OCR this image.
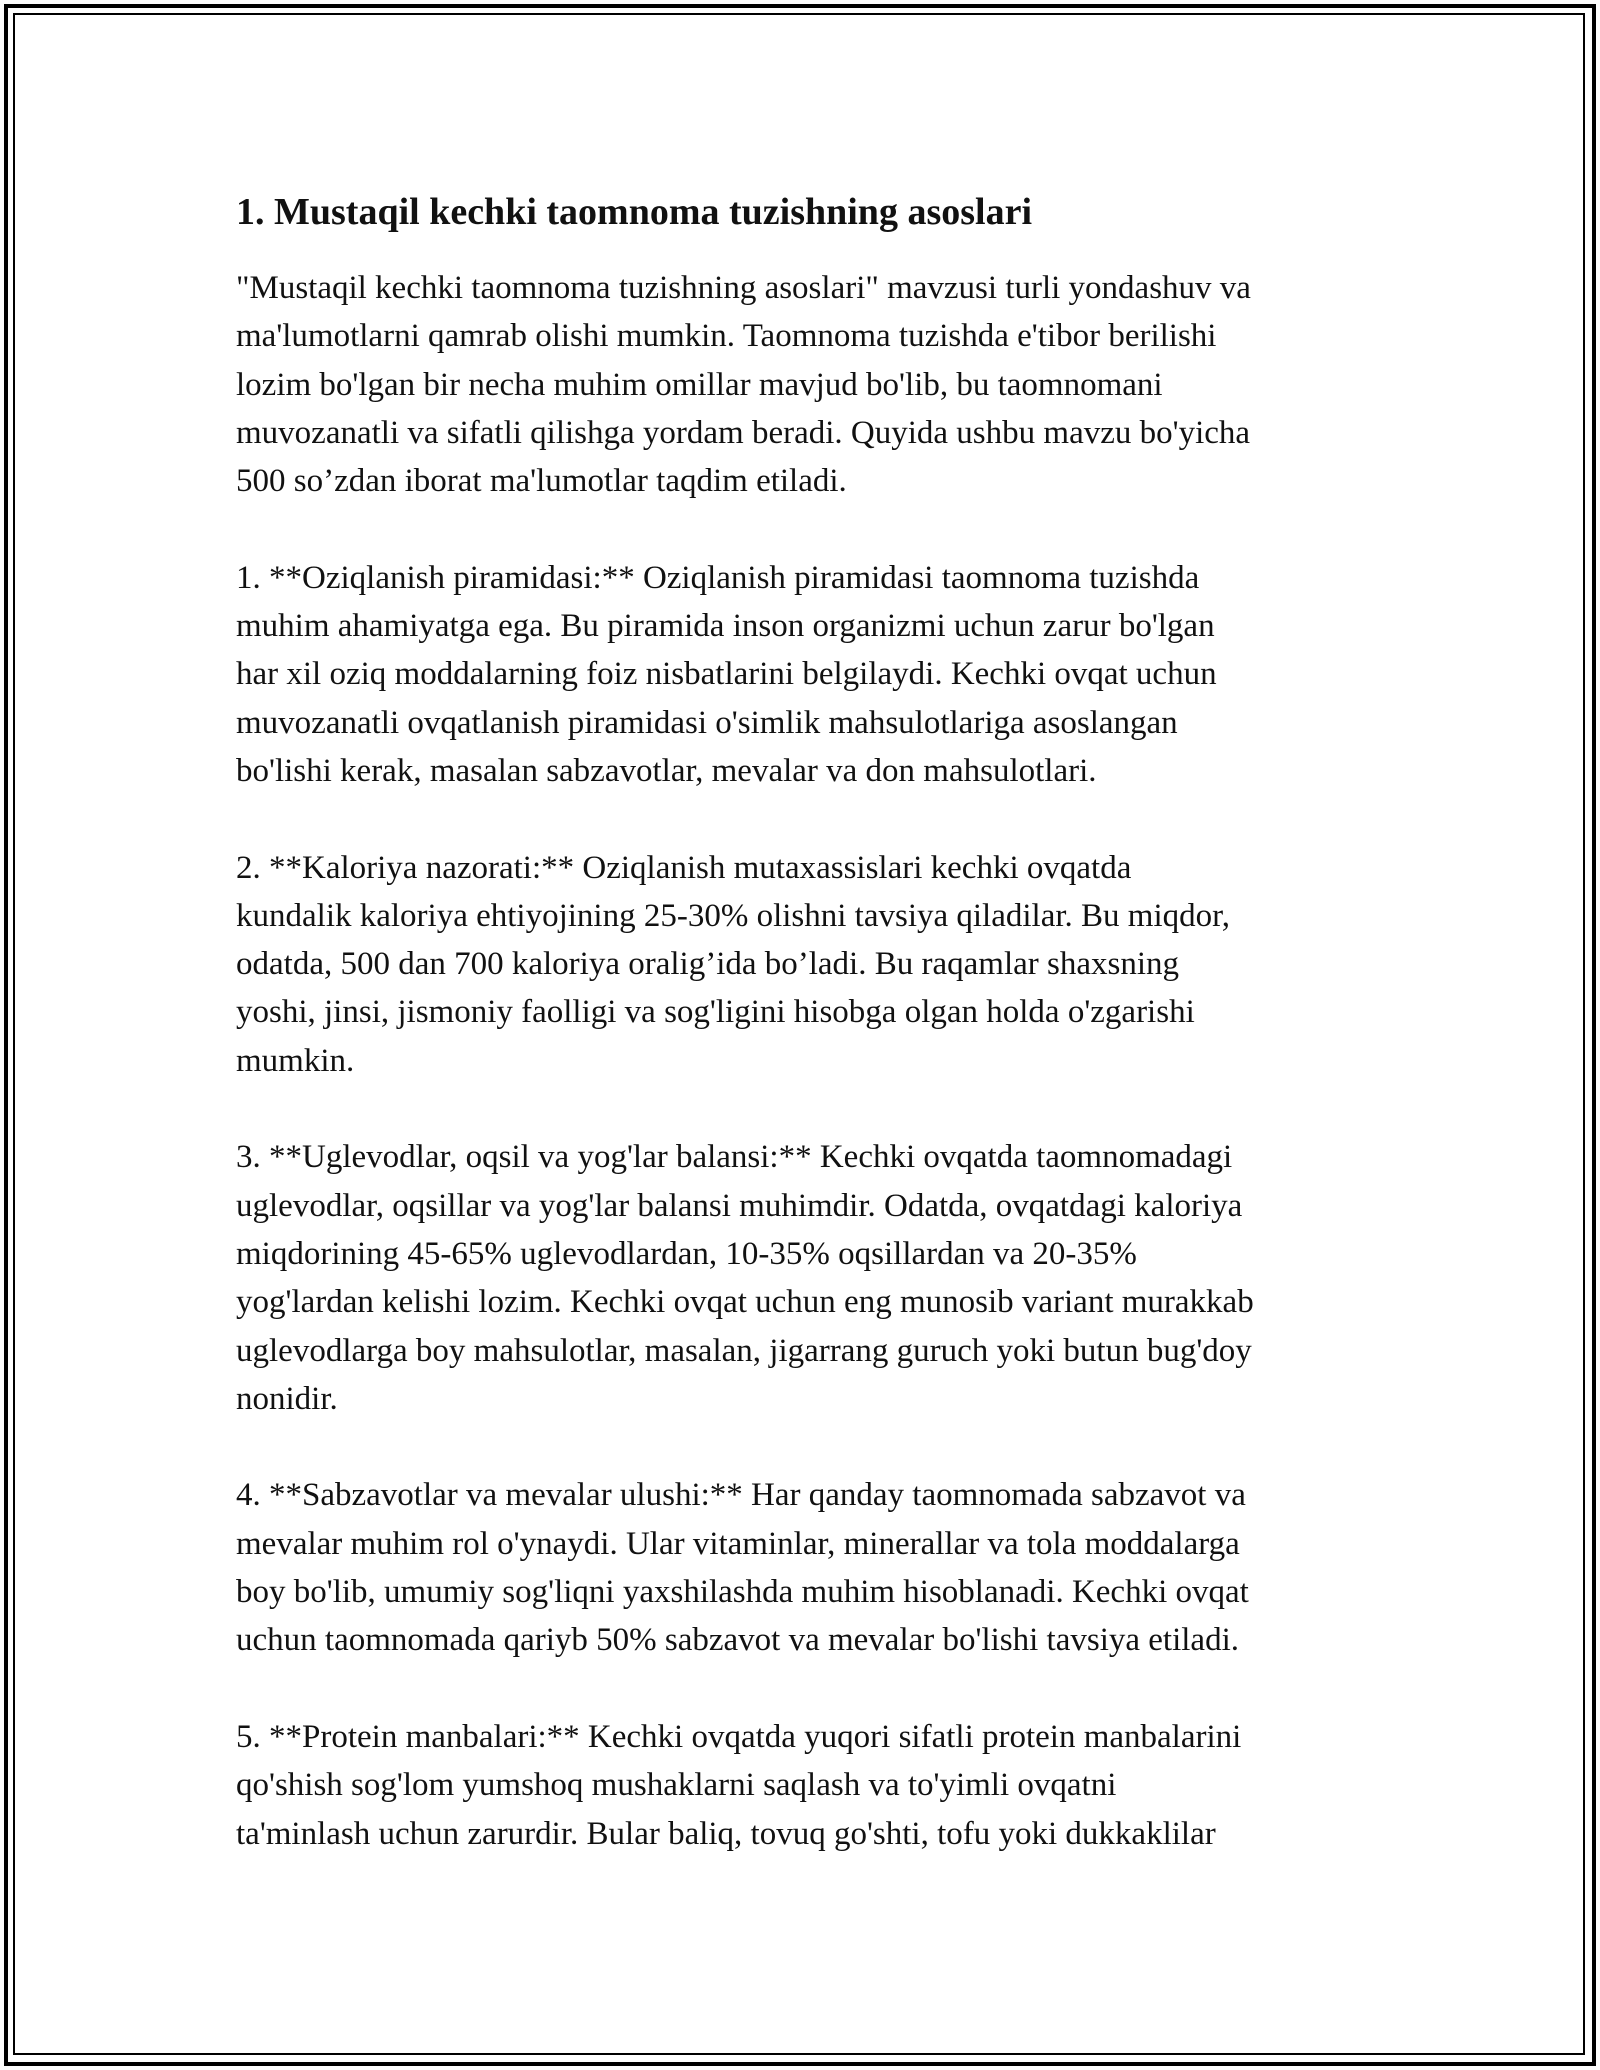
1. Mustaqil kechki taomnoma tuzishning asoslari
"Mustaqil kechki taomnoma tuzishning asoslari" mavzusi turli yondashuv va
ma'lumotlarni qamrab olishi mumkin. Taomnoma tuzishda e'tibor berilishi
lozim bo'lgan bir necha muhim omillar mavjud bo'lib, bu taomnomani
muvozanatli va sifatli qilishga yordam beradi. Quyida ushbu mavzu bo'yicha
500 so’zdan iborat ma'lumotlar taqdim etiladi.
1. **Oziqlanish piramidasi:** Oziqlanish piramidasi taomnoma tuzishda
muhim ahamiyatga ega. Bu piramida inson organizmi uchun zarur bo'lgan
har xil oziq moddalarning foiz nisbatlarini belgilaydi. Kechki ovqat uchun
muvozanatli ovqatlanish piramidasi o'simlik mahsulotlariga asoslangan
bo'lishi kerak, masalan sabzavotlar, mevalar va don mahsulotlari.
2. **Kaloriya nazorati:** Oziqlanish mutaxassislari kechki ovqatda
kundalik kaloriya ehtiyojining 25-30% olishni tavsiya qiladilar. Bu miqdor,
odatda, 500 dan 700 kaloriya oralig’ida bo’ladi. Bu raqamlar shaxsning
yoshi, jinsi, jismoniy faolligi va sog'ligini hisobga olgan holda o'zgarishi
mumkin.
3. **Uglevodlar, oqsil va yog'lar balansi:** Kechki ovqatda taomnomadagi
uglevodlar, oqsillar va yog'lar balansi muhimdir. Odatda, ovqatdagi kaloriya
miqdorining 45-65% uglevodlardan, 10-35% oqsillardan va 20-35%
yog'lardan kelishi lozim. Kechki ovqat uchun eng munosib variant murakkab
uglevodlarga boy mahsulotlar, masalan, jigarrang guruch yoki butun bug'doy
nonidir.
4. **Sabzavotlar va mevalar ulushi:** Har qanday taomnomada sabzavot va
mevalar muhim rol o'ynaydi. Ular vitaminlar, minerallar va tola moddalarga
boy bo'lib, umumiy sog'liqni yaxshilashda muhim hisoblanadi. Kechki ovqat
uchun taomnomada qariyb 50% sabzavot va mevalar bo'lishi tavsiya etiladi.
5. **Protein manbalari:** Kechki ovqatda yuqori sifatli protein manbalarini
qo'shish sog'lom yumshoq mushaklarni saqlash va to'yimli ovqatni
ta'minlash uchun zarurdir. Bular baliq, tovuq go'shti, tofu yoki dukkaklilar
